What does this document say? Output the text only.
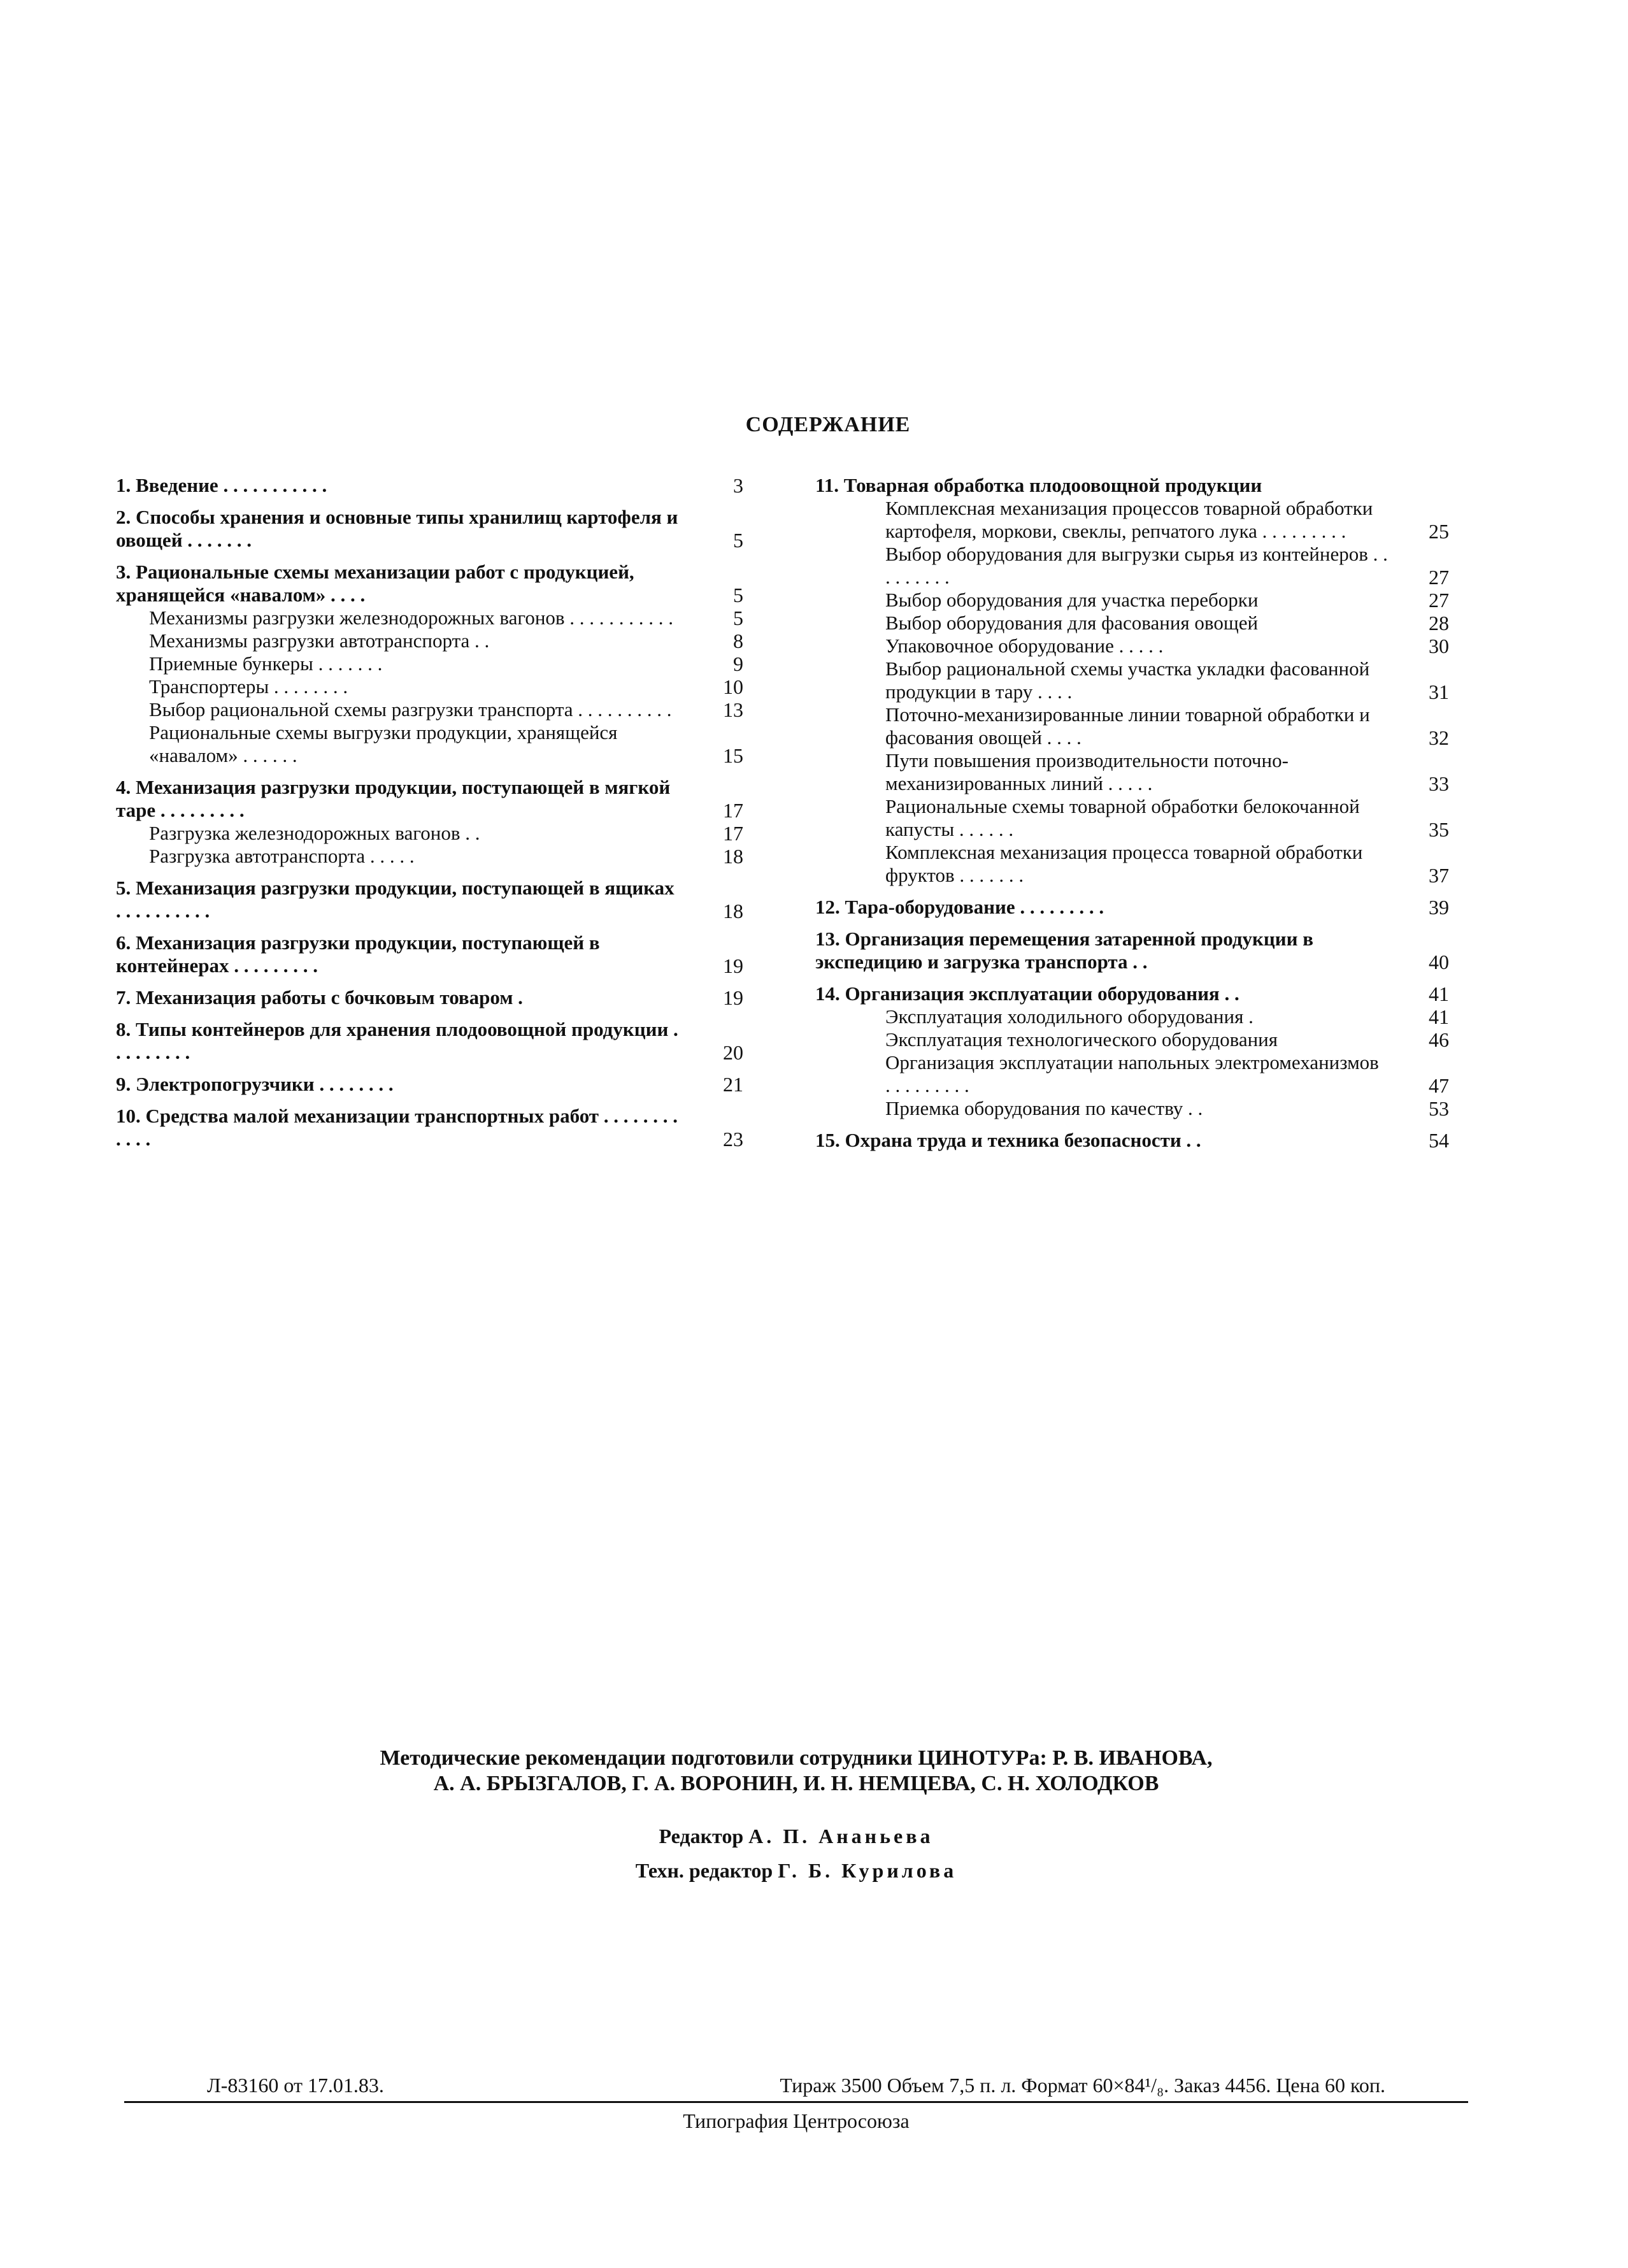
СОДЕРЖАНИЕ
1. Введение . . . . . . . . . . .	3
2. Способы хранения и основные типы хранилищ картофеля и овощей . . . . . . .	5
3. Рациональные схемы механизации работ с продукцией, хранящейся «навалом» . . . .	5
Механизмы разгрузки железнодорожных вагонов . . . . . . . . . . .	5
Механизмы разгрузки автотранспорта . .	8
Приемные бункеры . . . . . . .	9
Транспортеры . . . . . . . .	10
Выбор рациональной схемы разгрузки транспорта . . . . . . . . . .	13
Рациональные схемы выгрузки продукции, хранящейся «навалом» . . . . . .	15
4. Механизация разгрузки продукции, поступающей в мягкой таре . . . . . . . . .	17
Разгрузка железнодорожных вагонов . .	17
Разгрузка автотранспорта . . . . .	18
5. Механизация разгрузки продукции, поступающей в ящиках . . . . . . . . . .	18
6. Механизация разгрузки продукции, поступающей в контейнерах . . . . . . . . .	19
7. Механизация работы с бочковым товаром .	19
8. Типы контейнеров для хранения плодоовощной продукции . . . . . . . . .	20
9. Электропогрузчики . . . . . . . .	21
10. Средства малой механизации транспортных работ . . . . . . . . . . . .	23
11. Товарная обработка плодоовощной продукции
Комплексная механизация процессов товарной обработки картофеля, моркови, свеклы, репчатого лука . . . . . . . . .	25
Выбор оборудования для выгрузки сырья из контейнеров . . . . . . . . .	27
Выбор оборудования для участка переборки	27
Выбор оборудования для фасования овощей	28
Упаковочное оборудование . . . . .	30
Выбор рациональной схемы участка укладки фасованной продукции в тару . . . .	31
Поточно-механизированные линии товарной обработки и фасования овощей . . . .	32
Пути повышения производительности поточно-механизированных линий . . . . .	33
Рациональные схемы товарной обработки белокочанной капусты . . . . . .	35
Комплексная механизация процесса товарной обработки фруктов . . . . . . .	37
12. Тара-оборудование . . . . . . . . .	39
13. Организация перемещения затаренной продукции в экспедицию и загрузка транспорта . .	40
14. Организация эксплуатации оборудования . .	41
Эксплуатация холодильного оборудования .	41
Эксплуатация технологического оборудования	46
Организация эксплуатации напольных электромеханизмов . . . . . . . . .	47
Приемка оборудования по качеству . .	53
15. Охрана труда и техника безопасности . .	54
Методические рекомендации подготовили сотрудники ЦИНОТУРа: Р. В. ИВАНОВА,
А. А. БРЫЗГАЛОВ, Г. А. ВОРОНИН, И. Н. НЕМЦЕВА, С. Н. ХОЛОДКОВ
Редактор А. П. Ананьева
Техн. редактор Г. Б. Курилова
Л-83160 от 17.01.83.	Тираж 3500 Объем 7,5 п. л. Формат 60×84¹/₈. Заказ 4456. Цена 60 коп.
Типография Центросоюза
